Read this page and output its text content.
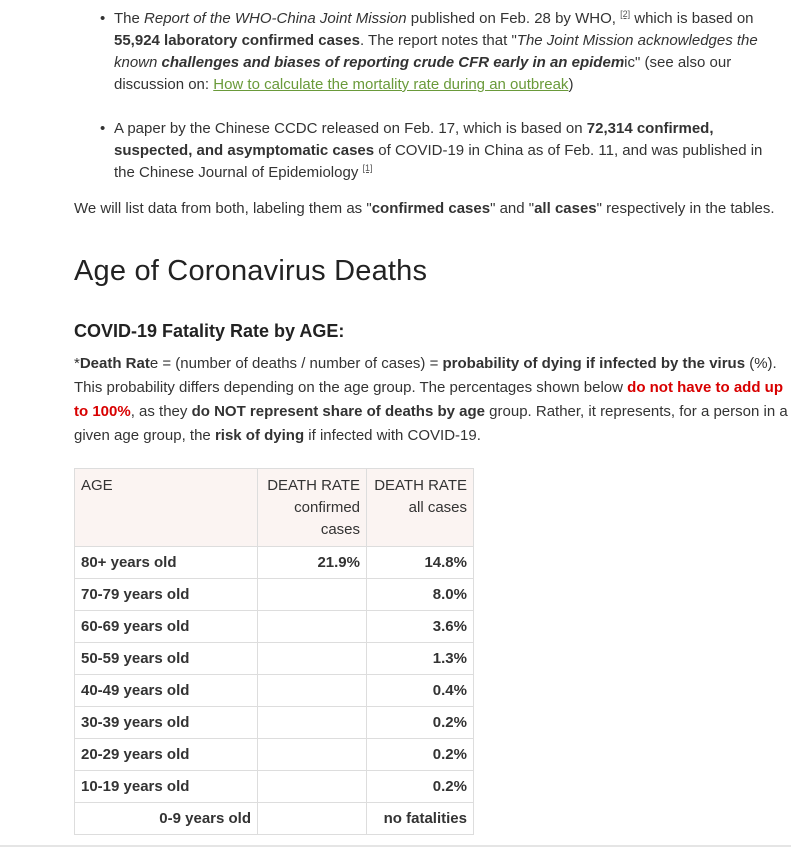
• The Report of the WHO-China Joint Mission published on Feb. 28 by WHO, [2] which is based on 55,924 laboratory confirmed cases. The report notes that "The Joint Mission acknowledges the known challenges and biases of reporting crude CFR early in an epidemic" (see also our discussion on: How to calculate the mortality rate during an outbreak)
• A paper by the Chinese CCDC released on Feb. 17, which is based on 72,314 confirmed, suspected, and asymptomatic cases of COVID-19 in China as of Feb. 11, and was published in the Chinese Journal of Epidemiology [1]

We will list data from both, labeling them as "confirmed cases" and "all cases" respectively in the tables.

Age of Coronavirus Deaths
COVID-19 Fatality Rate by AGE:

*Death Rate = (number of deaths / number of cases) = probability of dying if infected by the virus (%). This probability differs depending on the age group. The percentages shown below do not have to add up to 100%, as they do NOT represent share of deaths by age group. Rather, it represents, for a person in a given age group, the risk of dying if infected with COVID-19.

AGE	DEATH RATE
confirmed
cases	DEATH RATE
all cases
80+ years old	21.9%	14.8%
70-79 years old		8.0%
60-69 years old		3.6%
50-59 years old		1.3%
40-49 years old		0.4%
30-39 years old		0.2%
20-29 years old		0.2%
10-19 years old		0.2%
0-9 years old		no fatalities
